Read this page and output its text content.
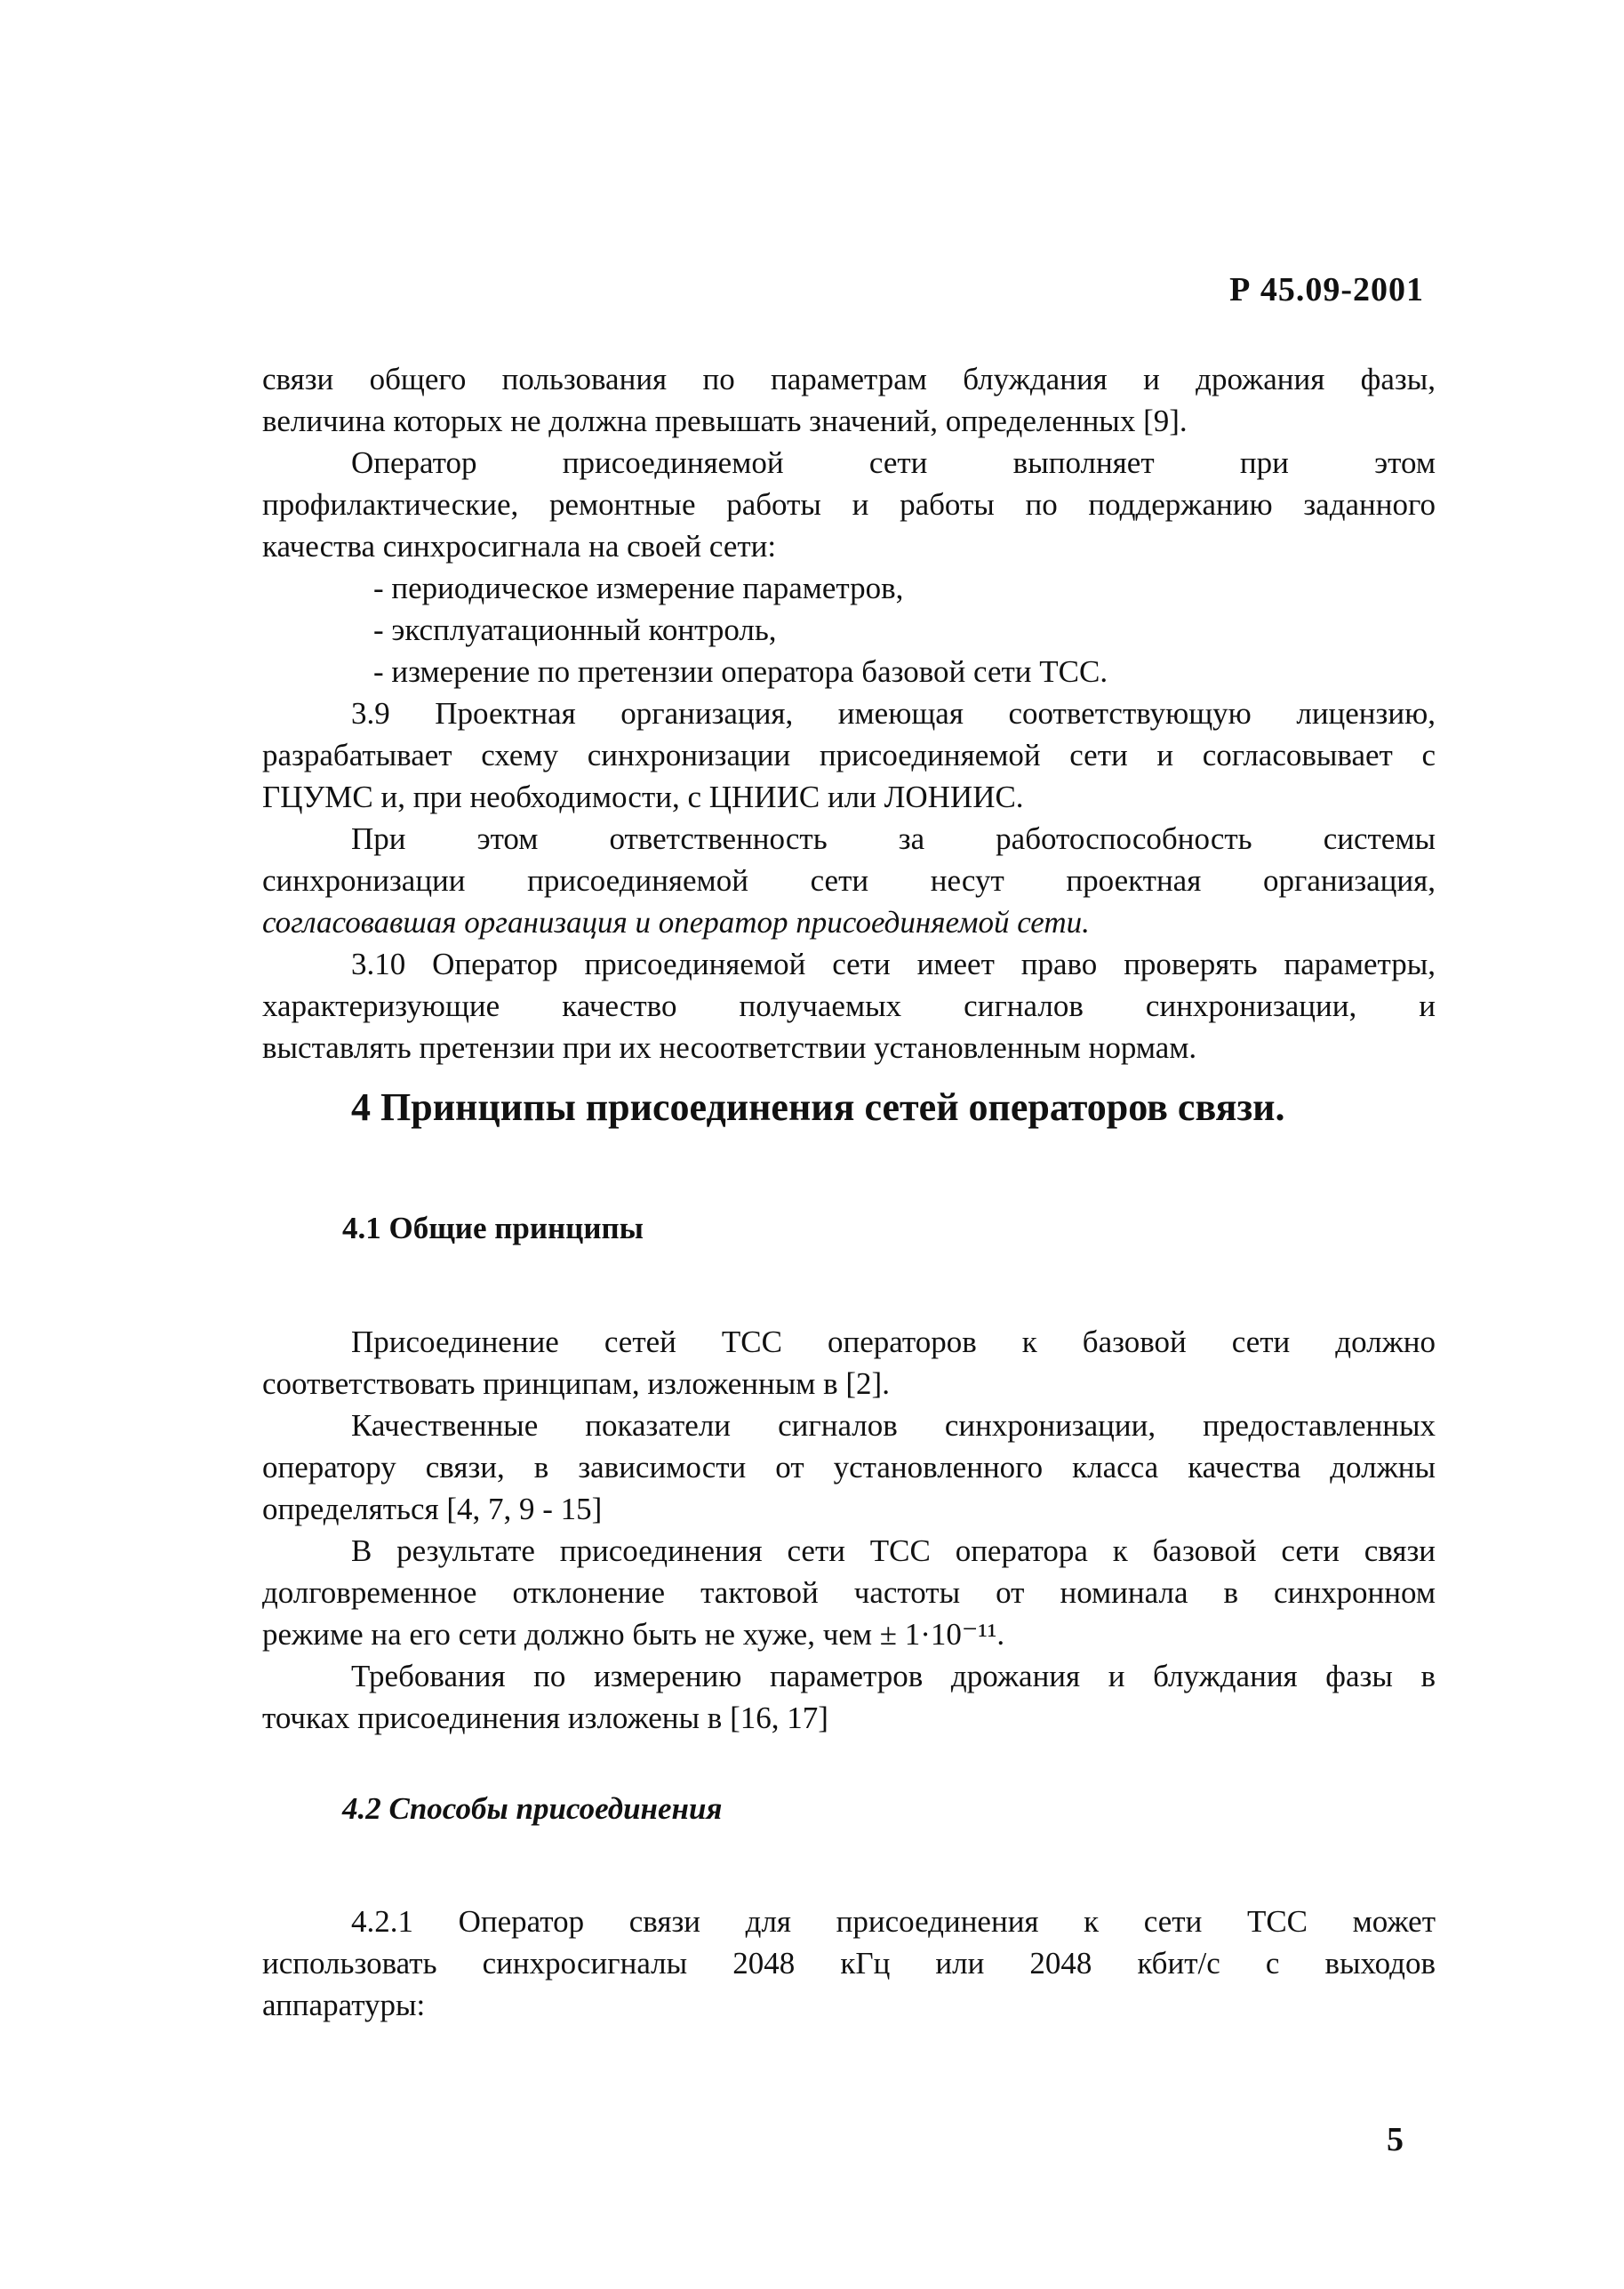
Р 45.09-2001

связи общего пользования по параметрам блуждания и дрожания фазы,

величина которых не должна превышать значений, определенных [9].

Оператор присоединяемой сети выполняет при этом

профилактические, ремонтные работы и работы по поддержанию заданного

качества синхросигнала на своей сети:

- периодическое измерение параметров,

- эксплуатационный контроль,

- измерение по претензии оператора базовой сети ТСС.

3.9 Проектная организация, имеющая соответствующую лицензию,

разрабатывает схему синхронизации присоединяемой сети и согласовывает с

ГЦУМС и, при необходимости, с ЦНИИС или ЛОНИИС.

При этом ответственность за работоспособность системы

синхронизации присоединяемой сети несут проектная организация,

согласовавшая организация и оператор присоединяемой сети.

3.10 Оператор присоединяемой сети имеет право проверять параметры,

характеризующие качество получаемых сигналов синхронизации, и

выставлять претензии при их несоответствии установленным нормам.

4 Принципы присоединения сетей операторов связи.
4.1 Общие принципы

Присоединение сетей ТСС операторов к базовой сети должно

соответствовать принципам, изложенным в [2].

Качественные показатели сигналов синхронизации, предоставленных

оператору связи, в зависимости от установленного класса качества должны

определяться [4, 7, 9 - 15]

В результате присоединения сети ТСС оператора к базовой сети связи

долговременное отклонение тактовой частоты от номинала в синхронном

режиме на его сети должно быть не хуже, чем ± 1·10⁻¹¹.

Требования по измерению параметров дрожания и блуждания фазы в

точках присоединения изложены в [16, 17]

4.2 Способы присоединения

4.2.1 Оператор связи для присоединения к сети ТСС может

использовать синхросигналы 2048 кГц или 2048 кбит/с с выходов

аппаратуры:

5
